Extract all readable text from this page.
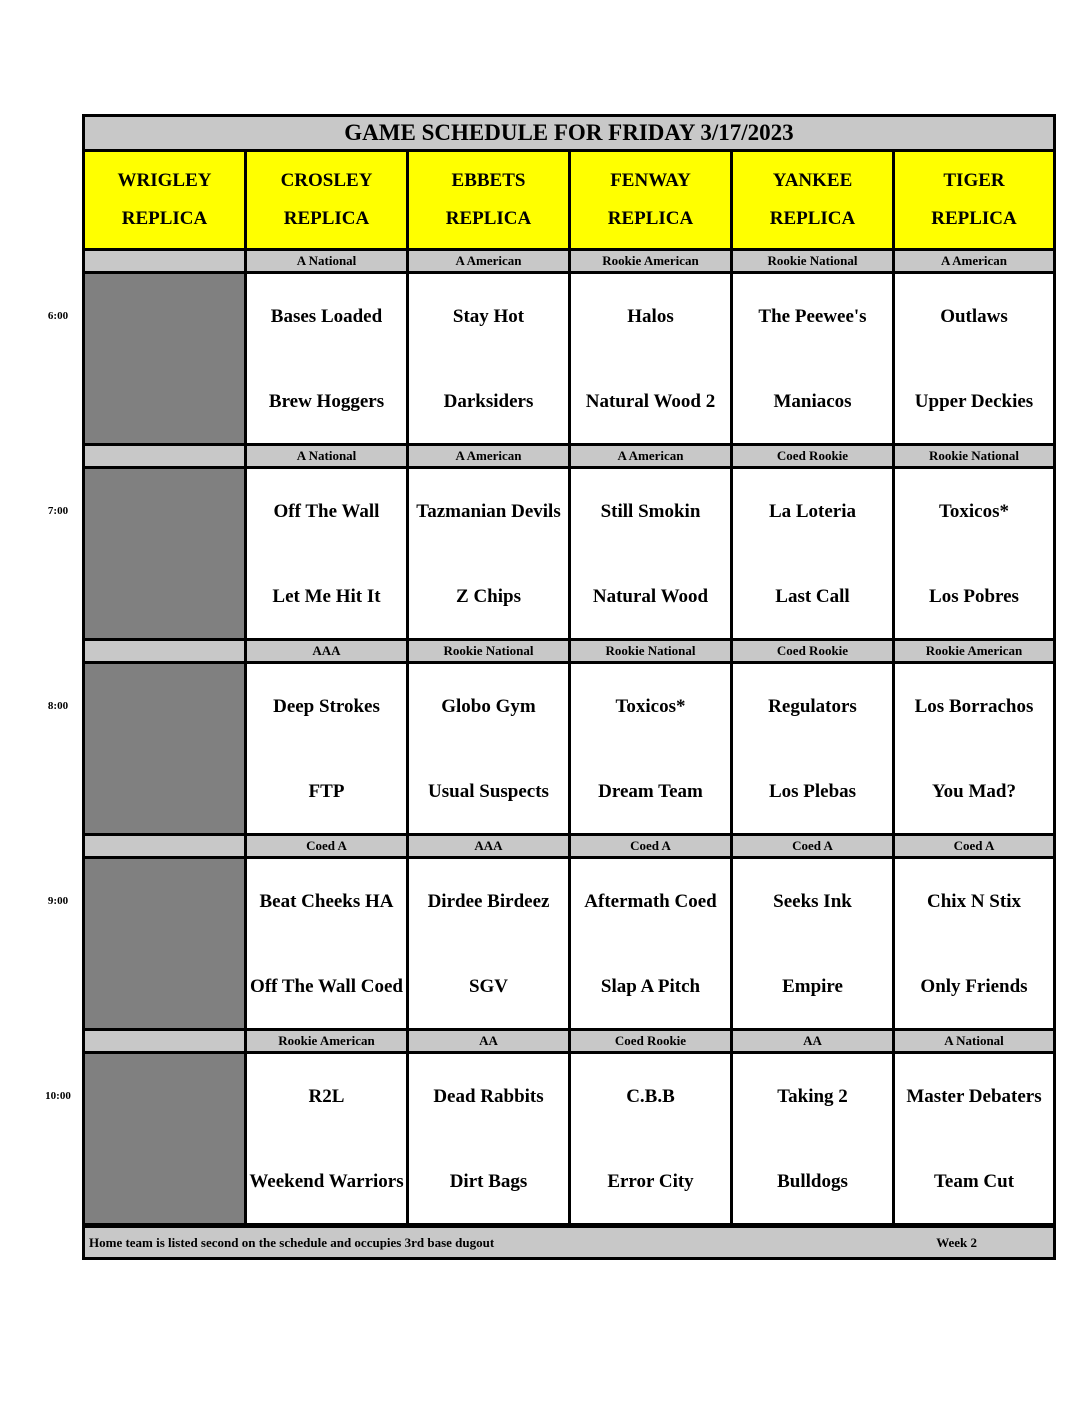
GAME SCHEDULE FOR FRIDAY 3/17/2023
WRIGLEY
REPLICA
CROSLEY
REPLICA
EBBETS
REPLICA
FENWAY
REPLICA
YANKEE
REPLICA
TIGER
REPLICA
A National
Bases Loaded
Brew Hoggers
A American
Stay Hot
Darksiders
Rookie American
Halos
Natural Wood 2
Rookie National
The Peewee's
Maniacos
A American
Outlaws
Upper Deckies
A National
Off The Wall
Let Me Hit It
A American
Tazmanian Devils
Z Chips
A American
Still Smokin
Natural Wood
Coed Rookie
La Loteria
Last Call
Rookie National
Toxicos*
Los Pobres
AAA
Deep Strokes
FTP
Rookie National
Globo Gym
Usual Suspects
Rookie National
Toxicos*
Dream Team
Coed Rookie
Regulators
Los Plebas
Rookie American
Los Borrachos
You Mad?
Coed A
Beat Cheeks HA
Off The Wall Coed
AAA
Dirdee Birdeez
SGV
Coed A
Aftermath Coed
Slap A Pitch
Coed A
Seeks Ink
Empire
Coed A
Chix N Stix
Only Friends
Rookie American
R2L
Weekend Warriors
AA
Dead Rabbits
Dirt Bags
Coed Rookie
C.B.B
Error City
AA
Taking 2
Bulldogs
A National
Master Debaters
Team Cut
Home team is listed second on the schedule and occupies 3rd base dugout	Week 2
6:00
7:00
8:00
9:00
10:00
